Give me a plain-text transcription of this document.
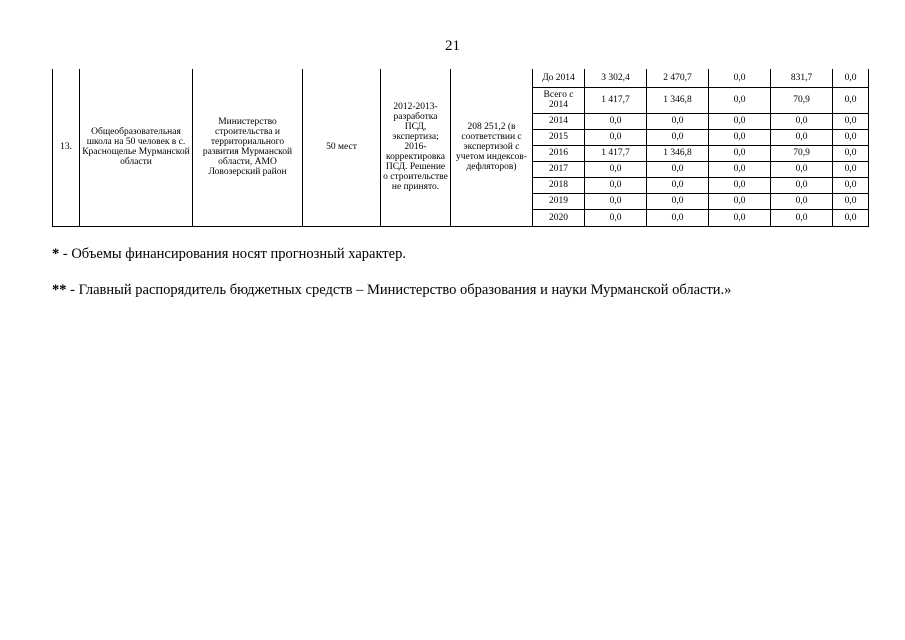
21
13.	Общеобразовательная школа на 50 человек в с. Краснощелье Мурманской области	Министерство строительства и территориального развития Мурманской области, АМО Ловозерский район	50 мест	2012-2013- разработка ПСД, экспертиза; 2016- корректировка ПСД. Решение о строительстве не принято.	208 251,2 (в соответствии с экспертизой с учетом индексов-дефляторов)	До 2014	3 302,4	2 470,7	0,0	831,7	0,0
						Всего с 2014	1 417,7	1 346,8	0,0	70,9	0,0
						2014	0,0	0,0	0,0	0,0	0,0
						2015	0,0	0,0	0,0	0,0	0,0
						2016	1 417,7	1 346,8	0,0	70,9	0,0
						2017	0,0	0,0	0,0	0,0	0,0
						2018	0,0	0,0	0,0	0,0	0,0
						2019	0,0	0,0	0,0	0,0	0,0
						2020	0,0	0,0	0,0	0,0	0,0
* - Объемы финансирования носят прогнозный характер.
** - Главный распорядитель бюджетных средств – Министерство образования и науки Мурманской области.»
